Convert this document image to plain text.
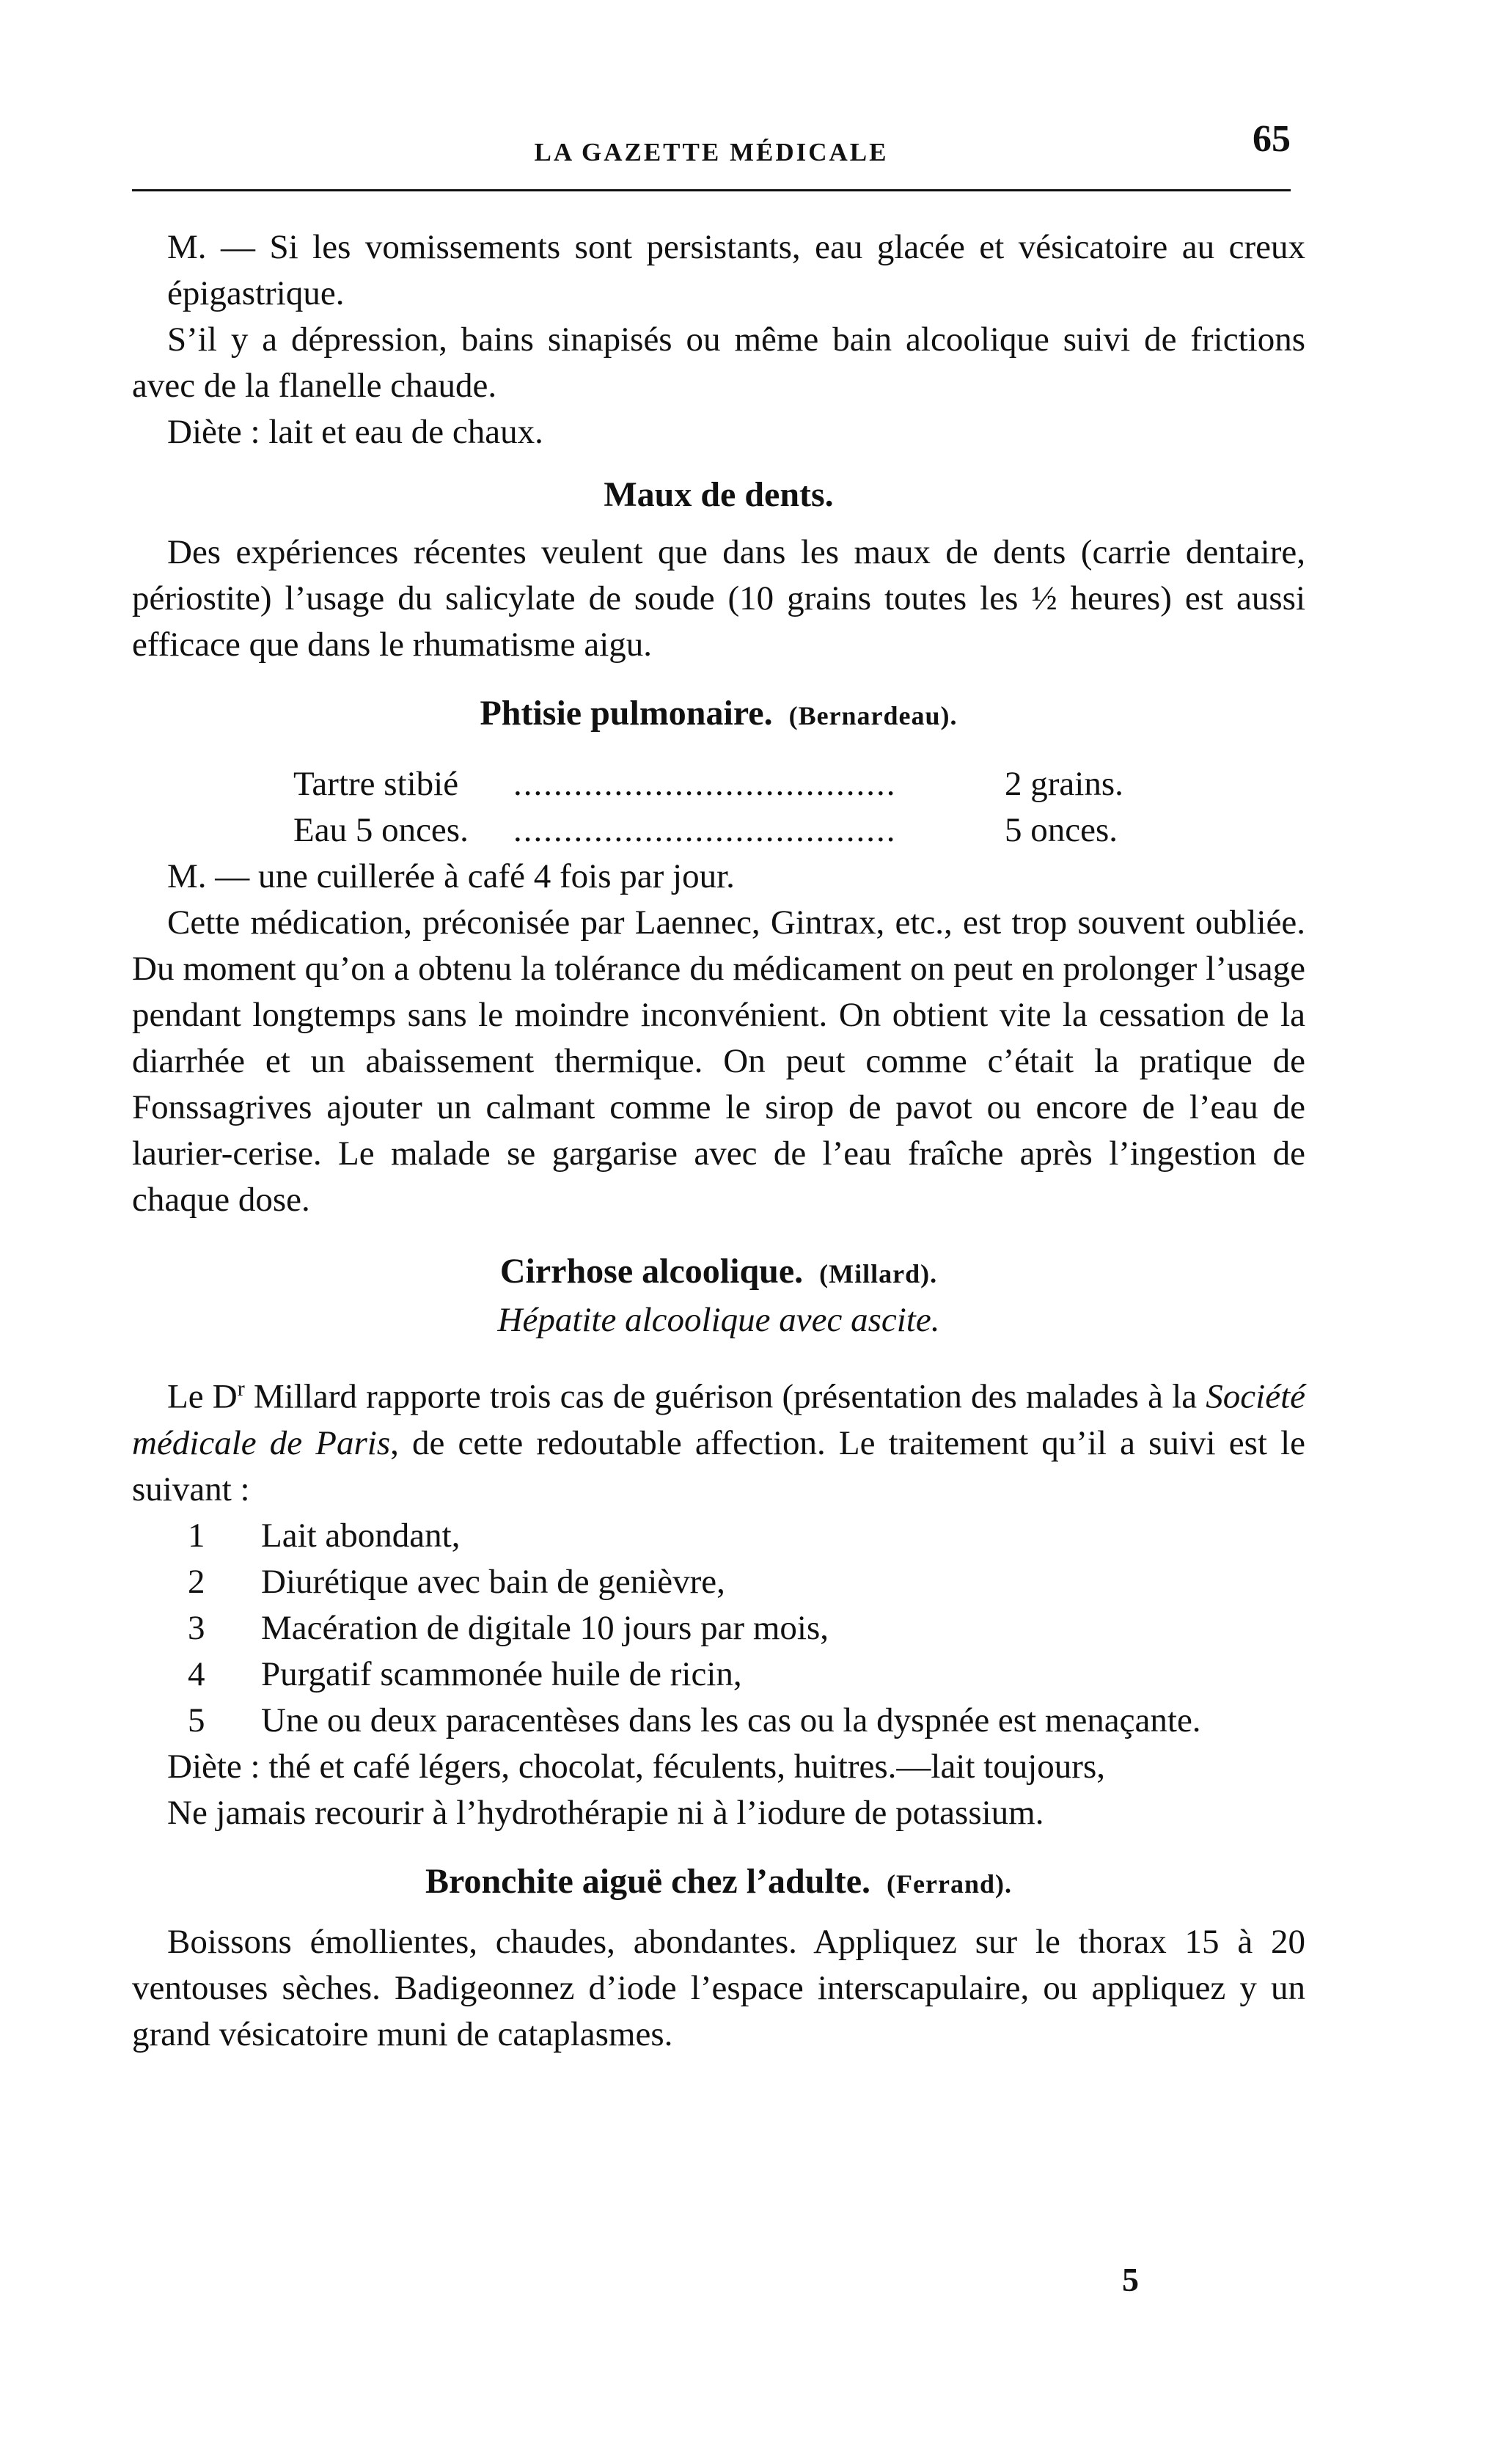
LA GAZETTE MÉDICALE	65

M. — Si les vomissements sont persistants, eau glacée et vésicatoire au creux épigastrique.

S’il y a dépression, bains sinapisés ou même bain alcoolique suivi de frictions avec de la flanelle chaude.

Diète : lait et eau de chaux.

Maux de dents.

Des expériences récentes veulent que dans les maux de dents (carrie dentaire, périostite) l’usage du salicylate de soude (10 grains toutes les ½ heures) est aussi efficace que dans le rhumatisme aigu.

Phtisie pulmonaire. (Bernardeau).
Tartre stibié ......................................	2 grains.
Eau 5 onces. ......................................	5 onces.

M. — une cuillerée à café 4 fois par jour.

Cette médication, préconisée par Laennec, Gintrax, etc., est trop souvent oubliée. Du moment qu’on a obtenu la tolérance du médicament on peut en prolonger l’usage pendant longtemps sans le moindre inconvénient. On obtient vite la cessation de la diarrhée et un abaissement thermique. On peut comme c’était la pratique de Fonssagrives ajouter un calmant comme le sirop de pavot ou encore de l’eau de laurier-cerise. Le malade se gargarise avec de l’eau fraîche après l’ingestion de chaque dose.

Cirrhose alcoolique. (Millard).
Hépatite alcoolique avec ascite.

Le $D^r$ Millard rapporte trois cas de guérison (présentation des malades à la Société médicale de Paris, de cette redoutable affection. Le traitement qu’il a suivi est le suivant :

1	Lait abondant,

2	Diurétique avec bain de genièvre,

3	Macération de digitale 10 jours par mois,

4	Purgatif scammonée huile de ricin,

5	Une ou deux paracentèses dans les cas ou la dyspnée est menaçante.

Diète : thé et café légers, chocolat, féculents, huitres.—lait toujours,

Ne jamais recourir à l’hydrothérapie ni à l’iodure de potassium.

Bronchite aiguë chez l’adulte. (Ferrand).

Boissons émollientes, chaudes, abondantes. Appliquez sur le thorax 15 à 20 ventouses sèches. Badigeonnez d’iode l’espace interscapulaire, ou appliquez y un grand vésicatoire muni de cataplasmes.

5
